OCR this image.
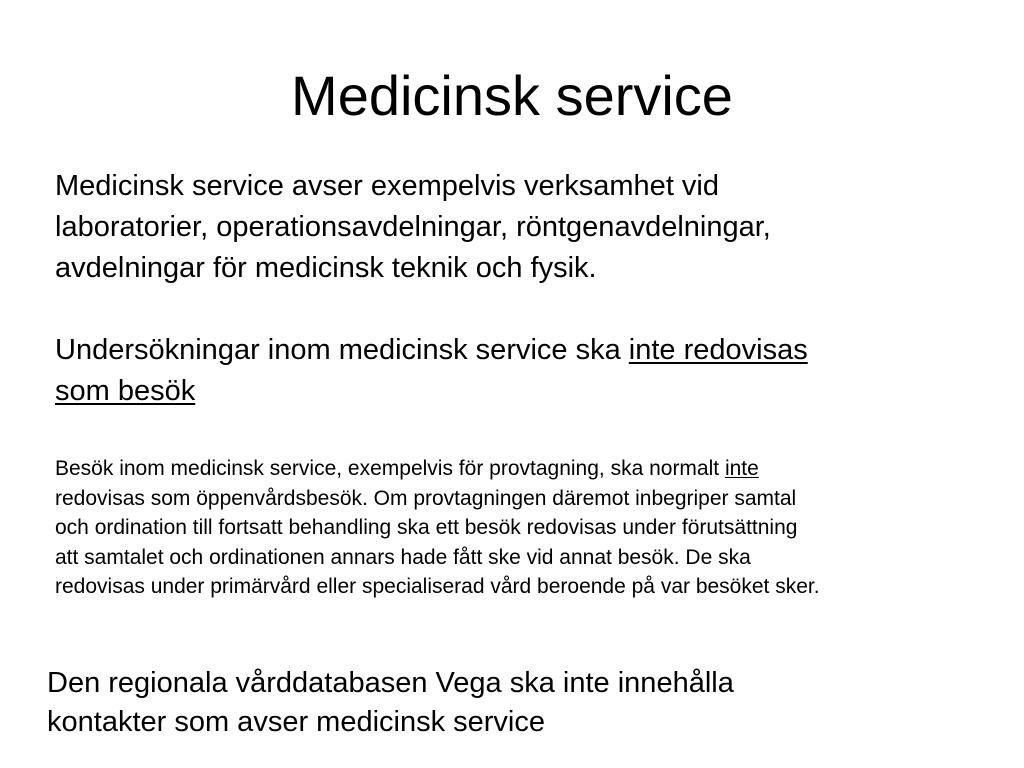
Medicinsk service

Medicinsk service avser exempelvis verksamhet vid
laboratorier, operationsavdelningar, röntgenavdelningar,
avdelningar för medicinsk teknik och fysik.

Undersökningar inom medicinsk service ska inte redovisas
som besök

Besök inom medicinsk service, exempelvis för provtagning, ska normalt inte
redovisas som öppenvårdsbesök. Om provtagningen däremot inbegriper samtal
och ordination till fortsatt behandling ska ett besök redovisas under förutsättning
att samtalet och ordinationen annars hade fått ske vid annat besök. De ska
redovisas under primärvård eller specialiserad vård beroende på var besöket sker.

Den regionala vårddatabasen Vega ska inte innehålla
kontakter som avser medicinsk service
